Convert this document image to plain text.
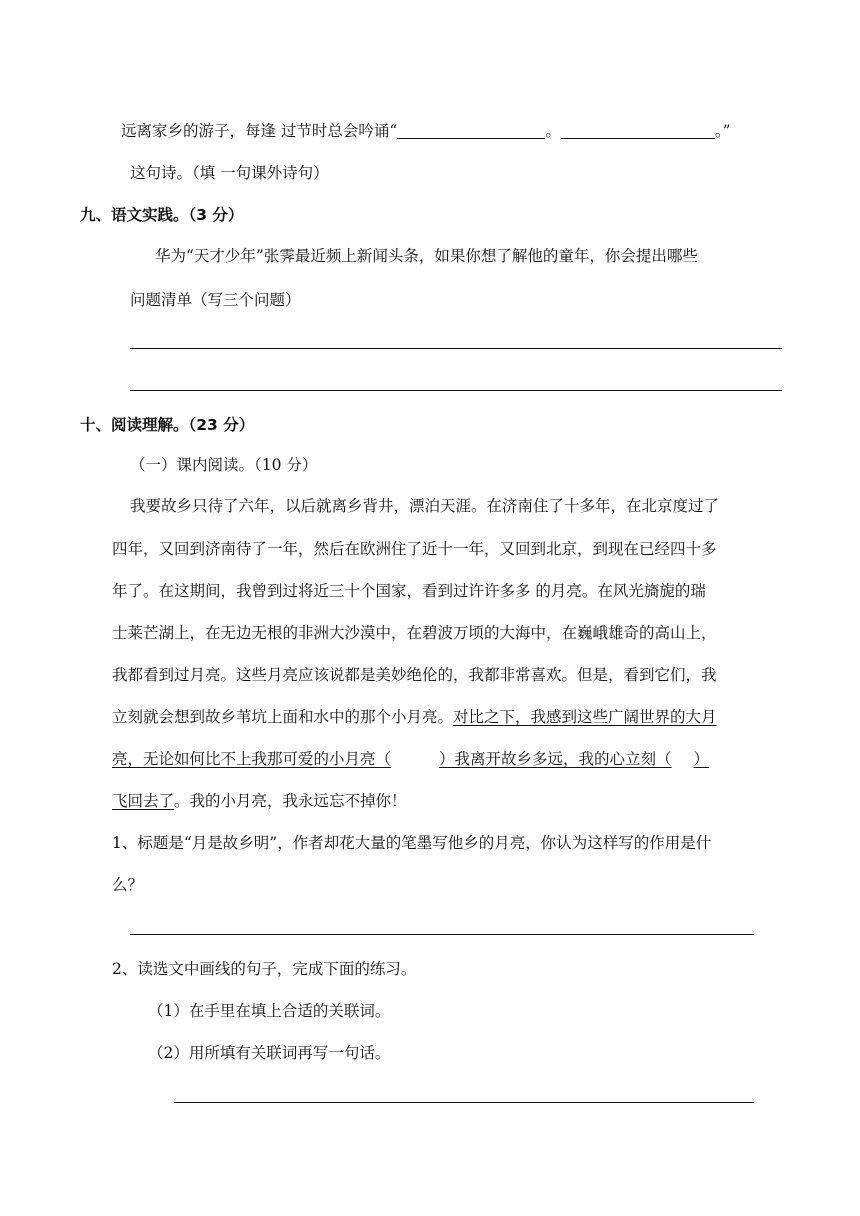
远离家乡的游子，每逢 过节时总会吟诵“	。	。”
这句诗。（填 一句课外诗句）
九、语文实践。（3 分）
华为“天才少年”张霁最近频上新闻头条，如果你想了解他的童年，你会提出哪些
问题清单（写三个问题）
十、阅读理解。（23 分）
（一）课内阅读。（10 分）
我要故乡只待了六年，以后就离乡背井，漂泊天涯。在济南住了十多年，在北京度过了
四年，又回到济南待了一年，然后在欧洲住了近十一年，又回到北京，到现在已经四十多
年了。在这期间，我曾到过将近三十个国家，看到过许许多多 的月亮。在风光旖旎的瑞
士莱芒湖上，在无边无根的非洲大沙漠中，在碧波万顷的大海中，在巍峨雄奇的高山上，
我都看到过月亮。这些月亮应该说都是美妙绝伦的，我都非常喜欢。但是，看到它们，我
立刻就会想到故乡苇坑上面和水中的那个小月亮。对比之下，我感到这些广阔世界的大月
亮，无论如何比不上我那可爱的小月亮（	）我离开故乡多远，我的心立刻（ ）
飞回去了。我的小月亮，我永远忘不掉你！
1、标题是“月是故乡明”，作者却花大量的笔墨写他乡的月亮，你认为这样写的作用是什
么？
2、读选文中画线的句子，完成下面的练习。
（1）在手里在填上合适的关联词。
（2）用所填有关联词再写一句话。
